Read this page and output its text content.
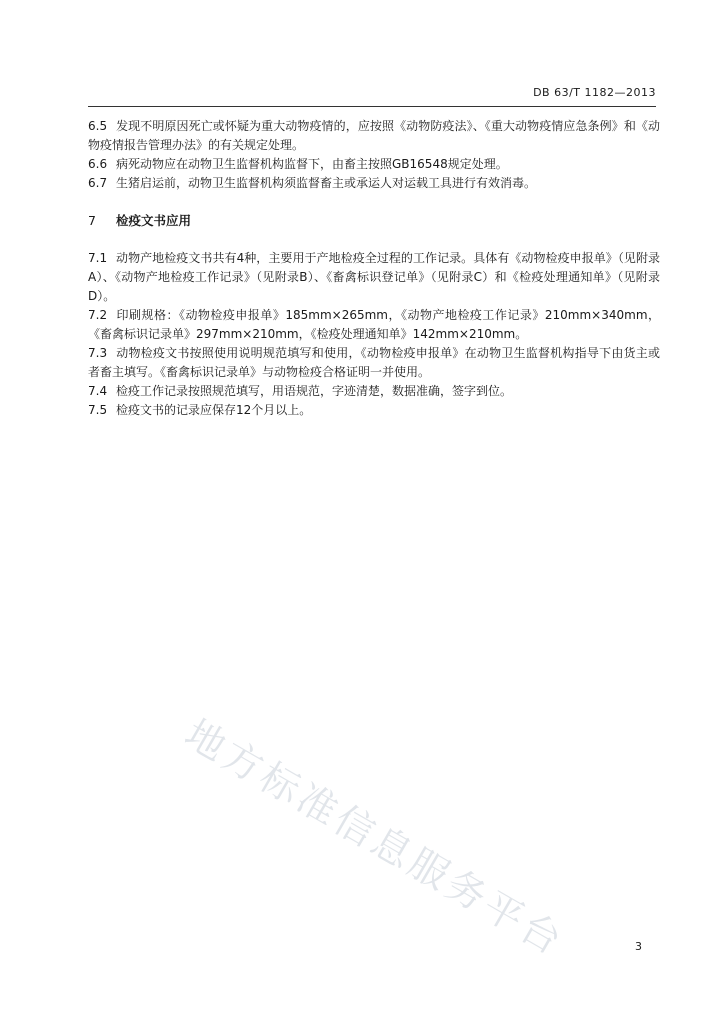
DB 63/T 1182—2013

6.5 发现不明原因死亡或怀疑为重大动物疫情的，应按照《动物防疫法》、《重大动物疫情应急条例》和《动物疫情报告管理办法》的有关规定处理。

6.6 病死动物应在动物卫生监督机构监督下，由畜主按照GB16548规定处理。

6.7 生猪启运前，动物卫生监督机构须监督畜主或承运人对运载工具进行有效消毒。

7 检疫文书应用

7.1 动物产地检疫文书共有4种，主要用于产地检疫全过程的工作记录。具体有《动物检疫申报单》（见附录A）、《动物产地检疫工作记录》（见附录B）、《畜禽标识登记单》（见附录C）和《检疫处理通知单》（见附录D）。

7.2 印刷规格：《动物检疫申报单》185mm×265mm，《动物产地检疫工作记录》210mm×340mm，《畜禽标识记录单》297mm×210mm，《检疫处理通知单》142mm×210mm。

7.3 动物检疫文书按照使用说明规范填写和使用，《动物检疫申报单》在动物卫生监督机构指导下由货主或者畜主填写。《畜禽标识记录单》与动物检疫合格证明一并使用。

7.4 检疫工作记录按照规范填写，用语规范，字迹清楚，数据准确，签字到位。

7.5 检疫文书的记录应保存12个月以上。

地方标准信息服务平台	3
